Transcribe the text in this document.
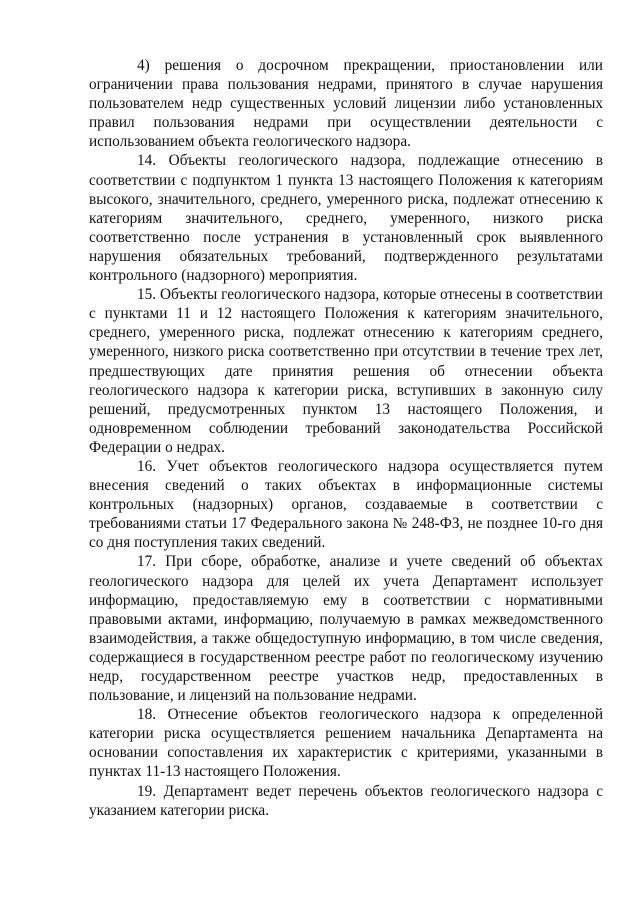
4) решения о досрочном прекращении, приостановлении или ограничении права пользования недрами, принятого в случае нарушения пользователем недр существенных условий лицензии либо установленных правил пользования недрами при осуществлении деятельности с использованием объекта геологического надзора.

14. Объекты геологического надзора, подлежащие отнесению в соответствии с подпунктом 1 пункта 13 настоящего Положения к категориям высокого, значительного, среднего, умеренного риска, подлежат отнесению к категориям значительного, среднего, умеренного, низкого риска соответственно после устранения в установленный срок выявленного нарушения обязательных требований, подтвержденного результатами контрольного (надзорного) мероприятия.

15. Объекты геологического надзора, которые отнесены в соответствии с пунктами 11 и 12 настоящего Положения к категориям значительного, среднего, умеренного риска, подлежат отнесению к категориям среднего, умеренного, низкого риска соответственно при отсутствии в течение трех лет, предшествующих дате принятия решения об отнесении объекта геологического надзора к категории риска, вступивших в законную силу решений, предусмотренных пунктом 13 настоящего Положения, и одновременном соблюдении требований законодательства Российской Федерации о недрах.

16. Учет объектов геологического надзора осуществляется путем внесения сведений о таких объектах в информационные системы контрольных (надзорных) органов, создаваемые в соответствии с требованиями статьи 17 Федерального закона № 248-ФЗ, не позднее 10-го дня со дня поступления таких сведений.

17. При сборе, обработке, анализе и учете сведений об объектах геологического надзора для целей их учета Департамент использует информацию, предоставляемую ему в соответствии с нормативными правовыми актами, информацию, получаемую в рамках межведомственного взаимодействия, а также общедоступную информацию, в том числе сведения, содержащиеся в государственном реестре работ по геологическому изучению недр, государственном реестре участков недр, предоставленных в пользование, и лицензий на пользование недрами.

18. Отнесение объектов геологического надзора к определенной категории риска осуществляется решением начальника Департамента на основании сопоставления их характеристик с критериями, указанными в пунктах 11-13 настоящего Положения.

19. Департамент ведет перечень объектов геологического надзора с указанием категории риска.
